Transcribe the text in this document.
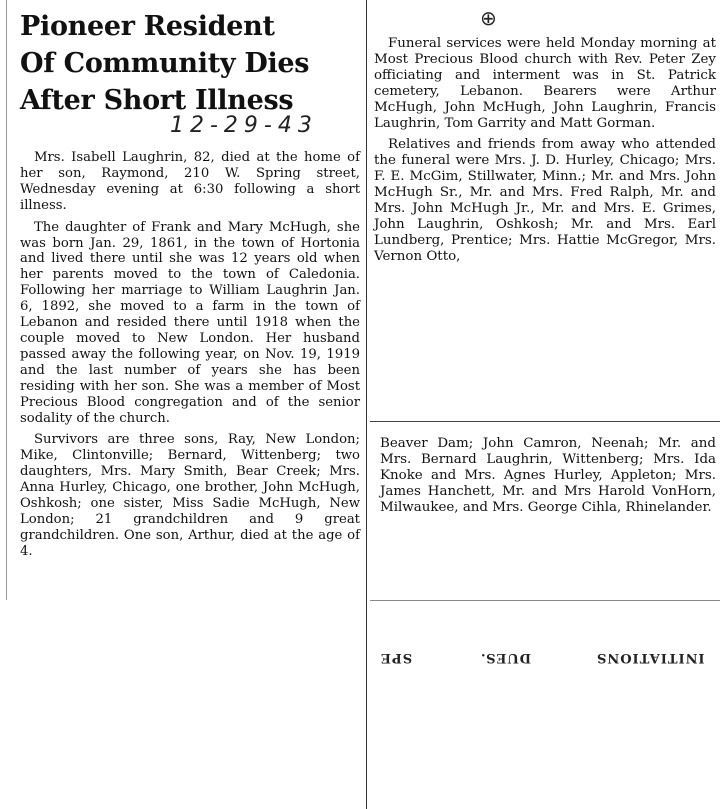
⊕
Pioneer Resident
Of Community Dies
After Short Illness
12-29-43

Mrs. Isabell Laughrin, 82, died at the home of her son, Raymond, 210 W. Spring street, Wednesday evening at 6:30 following a short illness.

The daughter of Frank and Mary McHugh, she was born Jan. 29, 1861, in the town of Hortonia and lived there until she was 12 years old when her parents moved to the town of Caledonia. Following her marriage to William Laughrin Jan. 6, 1892, she moved to a farm in the town of Lebanon and resided there until 1918 when the couple moved to New London. Her husband passed away the following year, on Nov. 19, 1919 and the last number of years she has been residing with her son. She was a member of Most Precious Blood congregation and of the senior sodality of the church.

Survivors are three sons, Ray, New London; Mike, Clintonville; Bernard, Wittenberg; two daughters, Mrs. Mary Smith, Bear Creek; Mrs. Anna Hurley, Chicago, one brother, John McHugh, Oshkosh; one sister, Miss Sadie McHugh, New London; 21 grandchildren and 9 great grandchildren. One son, Arthur, died at the age of 4.

Funeral services were held Monday morning at Most Precious Blood church with Rev. Peter Zey officiating and interment was in St. Patrick cemetery, Lebanon. Bearers were Arthur McHugh, John McHugh, John Laughrin, Francis Laughrin, Tom Garrity and Matt Gorman.

Relatives and friends from away who attended the funeral were Mrs. J. D. Hurley, Chicago; Mrs. F. E. McGim, Stillwater, Minn.; Mr. and Mrs. John McHugh Sr., Mr. and Mrs. Fred Ralph, Mr. and Mrs. John McHugh Jr., Mr. and Mrs. E. Grimes, John Laughrin, Oshkosh; Mr. and Mrs. Earl Lundberg, Prentice; Mrs. Hattie McGregor, Mrs. Vernon Otto,

Beaver Dam; John Camron, Neenah; Mr. and Mrs. Bernard Laughrin, Wittenberg; Mrs. Ida Knoke and Mrs. Agnes Hurley, Appleton; Mrs. James Hanchett, Mr. and Mrs Harold VonHorn, Milwaukee, and Mrs. George Cihla, Rhinelander.

SPE	DUES.	INITIATIONS
